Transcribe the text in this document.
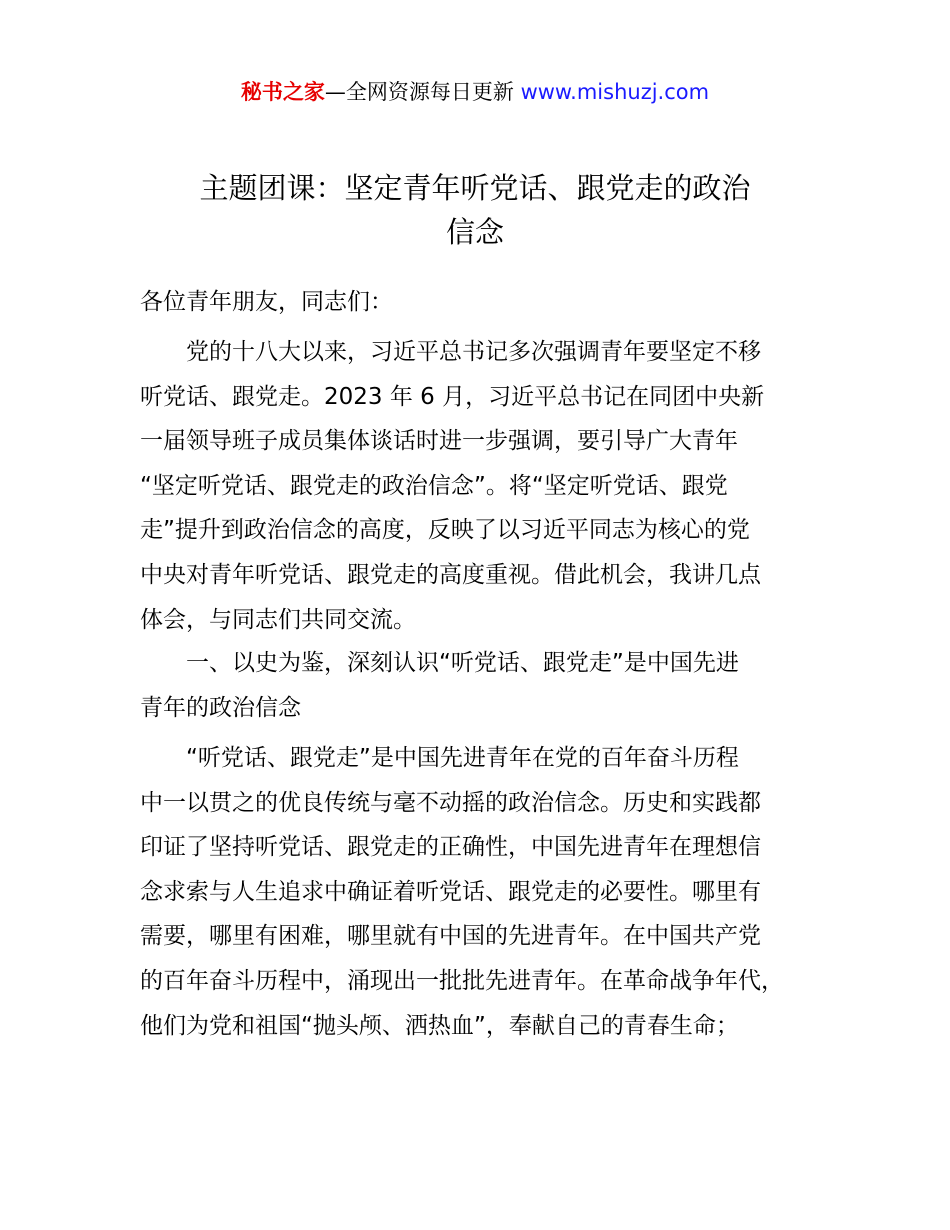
秘书之家—全网资源每日更新 www.mishuzj.com
主题团课：坚定青年听党话、跟党走的政治
信念
各位青年朋友，同志们：
　　党的十八大以来，习近平总书记多次强调青年要坚定不移
听党话、跟党走。2023 年 6 月，习近平总书记在同团中央新
一届领导班子成员集体谈话时进一步强调，要引导广大青年
“坚定听党话、跟党走的政治信念”。将“坚定听党话、跟党
走”提升到政治信念的高度，反映了以习近平同志为核心的党
中央对青年听党话、跟党走的高度重视。借此机会，我讲几点
体会，与同志们共同交流。
　　一、以史为鉴，深刻认识“听党话、跟党走”是中国先进
青年的政治信念
　　“听党话、跟党走”是中国先进青年在党的百年奋斗历程
中一以贯之的优良传统与毫不动摇的政治信念。历史和实践都
印证了坚持听党话、跟党走的正确性，中国先进青年在理想信
念求索与人生追求中确证着听党话、跟党走的必要性。哪里有
需要，哪里有困难，哪里就有中国的先进青年。在中国共产党
的百年奋斗历程中，涌现出一批批先进青年。在革命战争年代，
他们为党和祖国“抛头颅、洒热血”，奉献自己的青春生命；
